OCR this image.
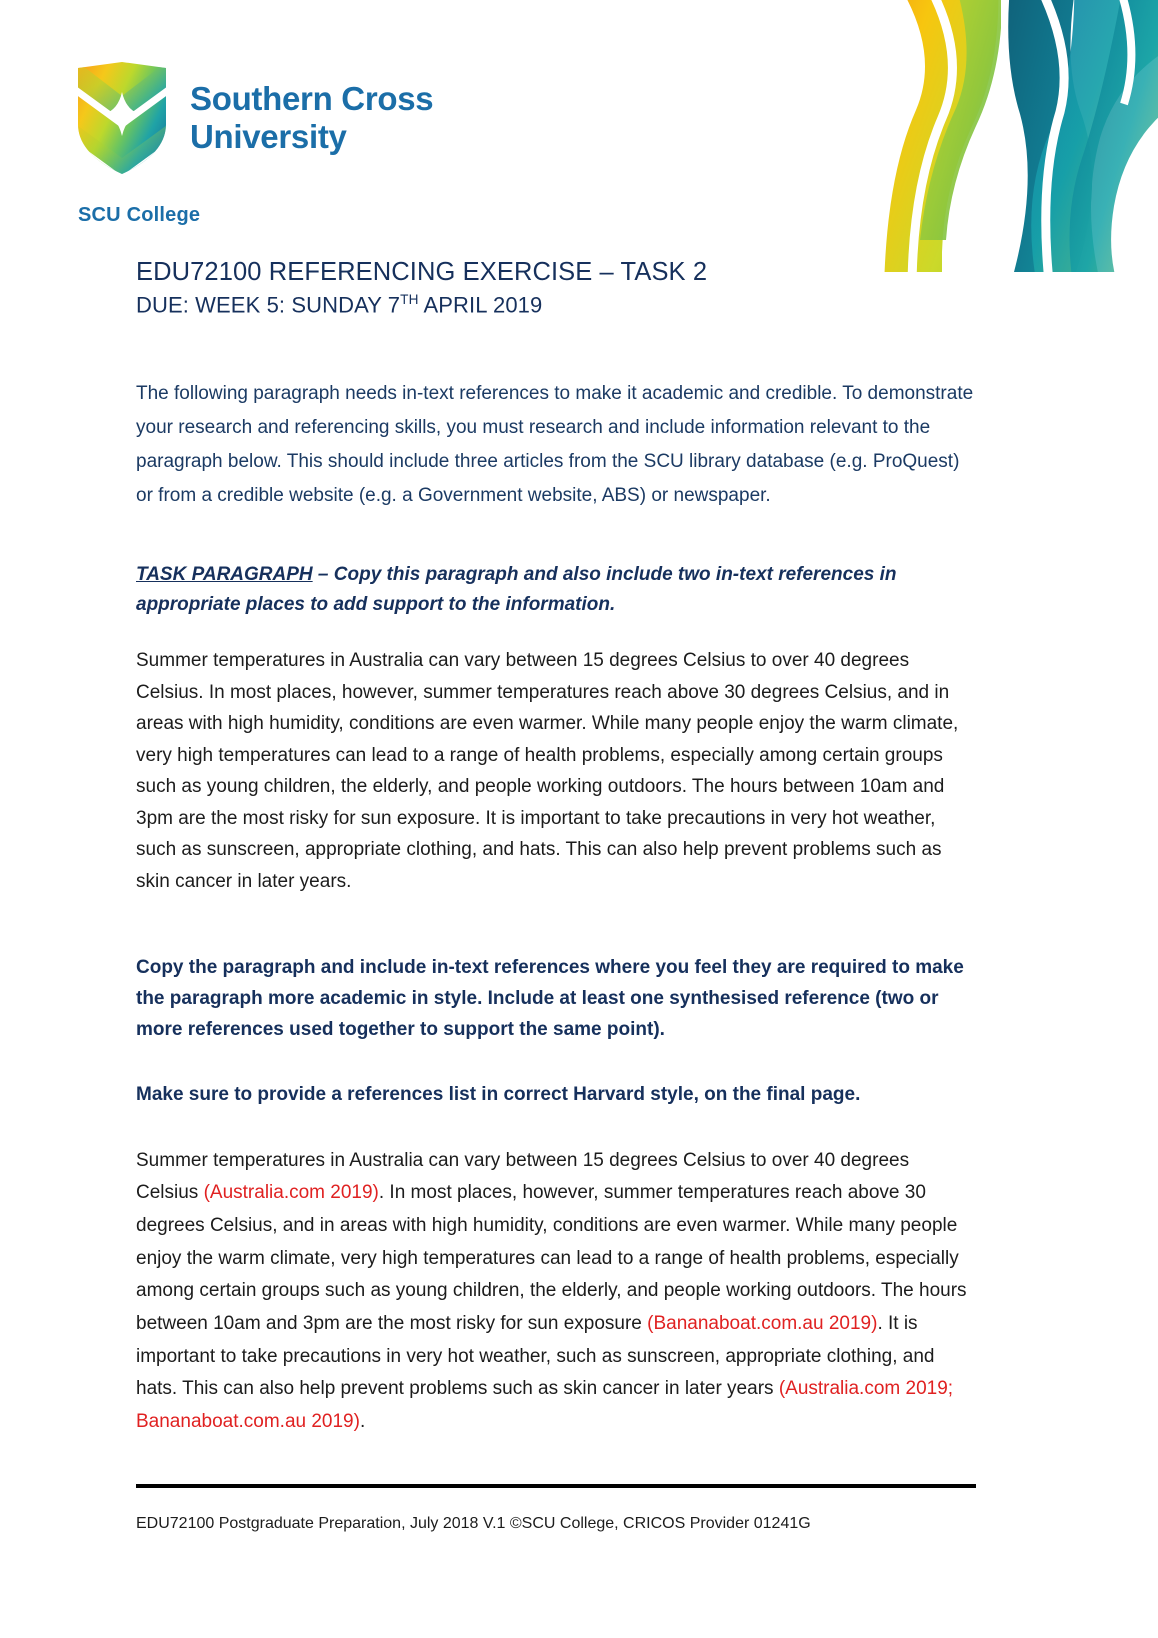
Southern Cross
University
SCU College
EDU72100 REFERENCING EXERCISE – TASK 2
DUE: WEEK 5: SUNDAY 7TH APRIL 2019

The following paragraph needs in-text references to make it academic and credible. To demonstrate your research and referencing skills, you must research and include information relevant to the paragraph below. This should include three articles from the SCU library database (e.g. ProQuest) or from a credible website (e.g. a Government website, ABS) or newspaper.

TASK PARAGRAPH – Copy this paragraph and also include two in-text references in appropriate places to add support to the information.

Summer temperatures in Australia can vary between 15 degrees Celsius to over 40 degrees Celsius. In most places, however, summer temperatures reach above 30 degrees Celsius, and in areas with high humidity, conditions are even warmer. While many people enjoy the warm climate, very high temperatures can lead to a range of health problems, especially among certain groups such as young children, the elderly, and people working outdoors. The hours between 10am and 3pm are the most risky for sun exposure. It is important to take precautions in very hot weather, such as sunscreen, appropriate clothing, and hats. This can also help prevent problems such as skin cancer in later years.

Copy the paragraph and include in-text references where you feel they are required to make the paragraph more academic in style. Include at least one synthesised reference (two or more references used together to support the same point).

Make sure to provide a references list in correct Harvard style, on the final page.

Summer temperatures in Australia can vary between 15 degrees Celsius to over 40 degrees Celsius (Australia.com 2019). In most places, however, summer temperatures reach above 30 degrees Celsius, and in areas with high humidity, conditions are even warmer. While many people enjoy the warm climate, very high temperatures can lead to a range of health problems, especially among certain groups such as young children, the elderly, and people working outdoors. The hours between 10am and 3pm are the most risky for sun exposure (Bananaboat.com.au 2019). It is important to take precautions in very hot weather, such as sunscreen, appropriate clothing, and hats. This can also help prevent problems such as skin cancer in later years (Australia.com 2019; Bananaboat.com.au 2019).

EDU72100 Postgraduate Preparation, July 2018 V.1 ©SCU College, CRICOS Provider 01241G
